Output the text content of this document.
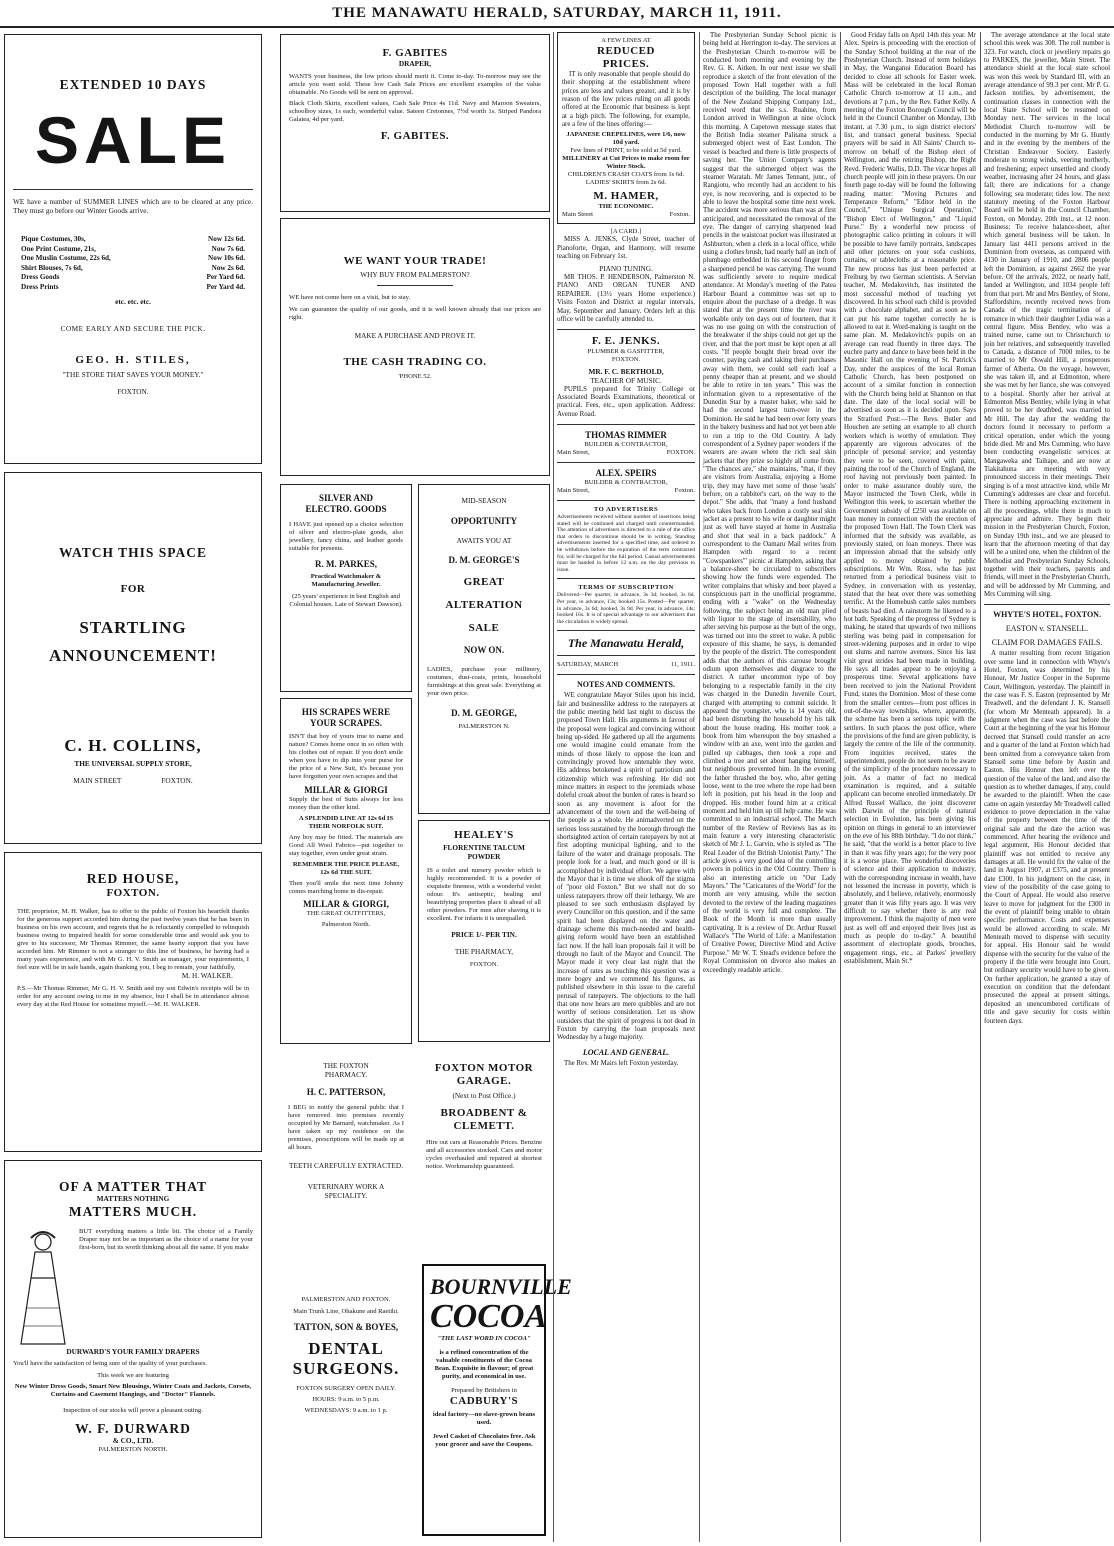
THE MANAWATU HERALD, SATURDAY, MARCH 11, 1911.
EXTENDED 10 DAYS
SALE
WE have a number of SUMMER LINES which are to be cleared at any price. They must go before our Winter Goods arrive.
Pique Costumes, 30s,	Now 12s 6d.
One Print Costume, 21s,	Now 7s 6d.
One Muslin Costume, 22s 6d,	Now 10s 6d.
Shirt Blouses, 7s 6d,	Now 2s 6d.
Dress Goods	Per Yard 6d.
Dress Prints	Per Yard 4d.
etc. etc. etc.
COME EARLY AND SECURE THE PICK.
GEO. H. STILES,
"THE STORE THAT SAVES YOUR MONEY."
FOXTON.
WATCH THIS SPACE
FOR
STARTLING
ANNOUNCEMENT!
C. H. COLLINS,
THE UNIVERSAL SUPPLY STORE,
MAIN STREET	FOXTON.
RED HOUSE,
FOXTON.
THE proprietor, M. H. Walker, has to offer to the public of Foxton his heartfelt thanks for the generous support accorded him during the past twelve years that he has been in business on his own account, and regrets that he is reluctantly compelled to relinquish business owing to impaired health for some considerable time and would ask you to give to his successor, Mr Thomas Rimmer, the same hearty support that you have accorded him. Mr Rimmer is not a stranger to this line of business, he having had a many years experience, and with Mr G. H. V. Smith as manager, your requirements, I feel sure will be in safe hands, again thanking you, I beg to remain, your faithfully,
M. H. WALKER.
P.S.—Mr Thomas Rimmer, Mr G. H. V. Smith and my son Edwin's receipts will be in order for any account owing to me in my absence, but I shall be in attendance almost every day at the Red House for sometime myself.—M. H. WALKER.
OF A MATTER THAT
MATTERS NOTHING
MATTERS MUCH.
BUT everything matters a little bit. The choice of a Family Draper may not be as important as the choice of a name for your first-born, but its worth thinking about all the same. If you make
DURWARD'S YOUR FAMILY DRAPERS
You'll have the satisfaction of being sure of the quality of your purchases.
This week we are featuring
New Winter Dress Goods, Smart New Blousings, Winter Coats and Jackets, Corsets, Curtains and Casement Hangings, and "Doctor" Flannels.
Inspection of our stocks will prove a pleasant outing.
W. F. DURWARD
& CO., LTD.
PALMERSTON NORTH.
F. GABITES
DRAPER,
WANTS your business, the low prices should merit it. Come to-day. To-morrow may see the article you want sold. These low Cash Sale Prices are excellent examples of the value obtainable. No Goods will be sent on approval.
Black Cloth Skirts, excellent values, Cash Sale Price 4s 11d. Navy and Maroon Sweaters, schoolboy sizes, 1s each, wonderful value. Sateen Cretonnes, 7½d worth 1s. Striped Pandora Galatea, 4d per yard.
F. GABITES.
WE WANT YOUR TRADE!
WHY BUY FROM PALMERSTON?
WE have not come here on a visit, but to stay.
We can guarantee the quality of our goods, and it is well known already that our prices are right.
MAKE A PURCHASE AND PROVE IT.
THE CASH TRADING CO.
'PHONE 52.
SILVER AND
ELECTRO. GOODS
I HAVE just opened up a choice selection of silver and electro-plate goods, also jewellery, fancy china, and leather goods suitable for presents.
R. M. PARKES,
Practical Watchmaker & Manufacturing Jeweller.
(25 years' experience in best English and Colonial houses. Late of Stewart Dawson).
MID-SEASON
OPPORTUNITY
AWAITS YOU AT
D. M. GEORGE'S
GREAT
ALTERATION
SALE
NOW ON.
LADIES, purchase your millinery, costumes, dust-coats, prints, household furnishings at this great sale. Everything at your own price.
D. M. GEORGE,
PALMERSTON N.
HIS SCRAPES WERE
YOUR SCRAPES.
ISN'T that boy of yours true to name and nature? Comes home once in so often with his clothes out of repair. If you don't smile when you have to dip into your purse for the price of a New Suit, it's because you have forgotten your own scrapes and that
MILLAR & GIORGI
Supply the best of Suits always for less money than the other kind.
A SPLENDID LINE AT 12s 6d IS THEIR NORFOLK SUIT.
Any boy may be fitted. The materials are Good All Wool Fabrics—put together to stay together, even under great strain.
REMEMBER THE PRICE PLEASE, 12s 6d THE SUIT.
Then you'll smile the next time Johnny comes marching home in dis-repair.
MILLAR & GIORGI,
THE GREAT OUTFITTERS,
Palmerston North.
HEALEY'S
FLORENTINE TALCUM POWDER
IS a toilet and nursery powder which is highly recommended. It is a powder of exquisite fineness, with a wonderful violet odour. It's antiseptic, healing and beautifying properties place it ahead of all other powders. For men after shaving it is excellent. For infants it is unequalled.
PRICE 1/- PER TIN.
THE PHARMACY,
FOXTON.
THE FOXTON
PHARMACY.
H. C. PATTERSON,
I BEG to notify the general public that I have removed into premises recently occupied by Mr Barnard, watchmaker. As I have taken up my residence on the premises, prescriptions will be made up at all hours.
TEETH CAREFULLY EXTRACTED.
VETERINARY WORK A SPECIALITY.
PALMERSTON AND FOXTON.
Main Trunk Line, Ohakune and Raetihi.
TATTON, SON & BOYES,
DENTAL
SURGEONS.
FOXTON SURGERY OPEN DAILY.
HOURS: 9 a.m. to 5 p.m.
WEDNESDAYS: 9 a.m. to 1 p.
FOXTON MOTOR
GARAGE.
(Next to Post Office.)
BROADBENT & CLEMETT.
Hire out cars at Reasonable Prices. Benzine and all accessories stocked. Cars and motor cycles overhauled and repaired at shortest notice. Workmanship guaranteed.
BOURNVILLE
COCOA
"THE LAST WORD IN COCOA"
is a refined concentration of the valuable constituents of the Cocoa Bean. Exquisite in flavour; of great purity, and economical in use.
Prepared by Britishers in
CADBURY'S
ideal factory—no slave-grown beans used.
Jewel Casket of Chocolates free. Ask your grocer and save the Coupons.
A FEW LINES AT
REDUCED
PRICES.

IT is only reasonable that people should do their shopping at the establishment where prices are less and values greater, and it is by reason of the low prices ruling on all goods offered at the Economic that business is kept at a high pitch. The following, for example, are a few of the lines offering:—

JAPANESE CREPELINES, were 1/6, now 10d yard.
Few lines of PRINT, to be sold at 5d yard.
MILLINERY at Cut Prices to make room for Winter Stock.
CHILDREN'S CRASH COATS from 1s 6d.
LADIES' SKIRTS from 2s 6d.
M. HAMER,
THE ECONOMIC.
Main Street	Foxton.
[A CARD.]

MISS A. JENKS, Clyde Street, teacher of Pianoforte, Organ, and Harmony, will resume teaching on February 1st.

PIANO TUNING.

MR THOS. P. HENDERSON, Palmerston N. PIANO AND ORGAN TUNER AND REPAIRER. (13½ years Home experience.) Visits Foxton and District at regular intervals, May, September and January. Orders left at this office will be carefully attended to.

F. E. JENKS.
PLUMBER & GASFITTER,
FOXTON.
MR. F. C. BERTHOLD,
TEACHER OF MUSIC.

PUPILS prepared for Trinity College or Associated Boards Examinations, theoretical or practical. Fees, etc., upon application. Address: Avenue Road.

THOMAS RIMMER
BUILDER & CONTRACTOR,
Main Street,	FOXTON.
ALEX. SPEIRS
BUILDER & CONTRACTOR,
Main Street,	Foxton.
TO ADVERTISERS
Advertisements received without number of insertions being stated will be continued and charged until countermanded. The attention of advertisers is directed to a rule of the office that orders to discontinue should be in writing. Standing advertisements inserted for a specified time, and ordered to be withdrawn before the expiration of the term contracted for, will be charged for the full period. Casual advertisements must be handed in before 12 a.m. on the day previous to issue.
TERMS OF SUBSCRIPTION
Delivered—Per quarter, in advance, 3s 3d; booked, 3s 6d. Per year, in advance, 13s; booked 15s. Posted—Per quarter, in advance, 3s 6d; booked, 3s 9d. Per year, in advance, 14s; booked 16s. It is of special advantage to our advertisers that the circulation is widely spread.
The Manawatu Herald,
SATURDAY, MARCH	11, 1911.
NOTES AND COMMENTS.

WE congratulate Mayor Stiles upon his incid, fair and businesslike address to the ratepayers at the public meeting held last night to discuss the proposed Town Hall. His arguments in favour of the proposal were logical and convincing without being up-sided. He gathered up all the arguments one would imagine could emanate from the minds of those likely to oppose the loan and convincingly proved how untenable they were. His address betokened a spirit of patriotism and citizenship which was refreshing. He did not mince matters in respect to the jeremiads whose doleful croak about the burden of rates is heard so soon as any movement is afoot for the advancement of the town and the well-being of the people as a whole. He animadverted on the serious loss sustained by the borough through the shortsighted action of certain ratepayers by not at first adopting municipal lighting, and to the failure of the water and drainage proposals. The people look for a lead, and much good or ill is accomplished by individual effort. We agree with the Mayor that it is time we shook off the stigma of "poor old Foxton." But we shall not do so unless ratepayers throw off their lethargy. We are pleased to see such enthusiasm displayed by every Councillor on this question, and if the same spirit had been displayed on the water and drainage scheme this much-needed and health-giving reform would have been an established fact now. If the hall loan proposals fail it will be through no fault of the Mayor and Council. The Mayor made it very clear last night that the increase of rates as touching this question was a mere bogey and we commend his figures, as published elsewhere in this issue to the careful perusal of ratepayers. The objections to the hall that one now hears are mere quibbles and are not worthy of serious consideration. Let us show outsiders that the spirit of progress is not dead in Foxton by carrying the loan proposals next Wednesday by a huge majority.

LOCAL AND GENERAL.

The Rev. Mr Mairs left Foxton yesterday.

The Presbyterian Sunday School picnic is being held at Herrington to-day. The services at the Presbyterian Church to-morrow will be conducted both morning and evening by the Rev. G. K. Aitken. In our next issue we shall reproduce a sketch of the front elevation of the proposed Town Hall together with a full description of the building. The local manager of the New Zealand Shipping Company Ltd., received word that the s.s. Ruahine, from London arrived in Wellington at nine o'clock this morning. A Capetown message states that the British India steamer Palitana struck a submerged object west of East London. The vessel is beached and there is little prospects of saving her. The Union Company's agents suggest that the submerged object was the steamer Waratah. Mr James Tennant, junr., of Rangiotu, who recently had an accident to his eye, is now recovering, and is expected to be able to leave the hospital some time next week. The accident was more serious than was at first anticipated, and necessitated the removal of the eye. The danger of carrying sharpened lead pencils in the waistcoat pocket was illustrated at Ashburton, when a clerk in a local office, while using a clothes brush, had nearly half an inch of plumbago embedded in his second finger from a sharpened pencil he was carrying. The wound was sufficiently severe to require medical attendance. At Monday's meeting of the Patea Harbour Board a committee was set up to enquire about the purchase of a dredge. It was stated that at the present time the river was workable only ten days out of fourteen, that it was no use going on with the construction of the breakwater if the ships could not get up the river, and that the port must be kept open at all costs. "If people bought their bread over the counter, paying cash and taking their purchases away with them, we could sell each loaf a penny cheaper than at present, and we should be able to retire in ten years." This was the information given to a representative of the Dunedin Star by a master baker, who said he had the second largest turn-over in the Dominion. He said he had been over forty years in the bakery business and had not yet been able to run a trip to the Old Country. A lady correspondent of a Sydney paper wonders if the wearers are aware where the rich seal skin jackets that they prize so highly all come from. "The chances are," she maintains, "that, if they are visitors from Australia, enjoying a Home trip, they may have met some of those 'seals' before, on a rabbiter's cart, on the way to the depot." She adds, that "many a fond husband who takes back from London a costly seal skin jacket as a present to his wife or daughter might just as well have stayed at home in Australia and shot that seal in a back paddock." A correspondent to the Oamaru Mail writes from Hampden with regard to a recent "Cowspankers'" picnic at Hampden, asking that a balance-sheet be circulated to subscribers showing how the funds were expended. The writer complains that whisky and beer played a conspicuous part in the unofficial programme, ending with a "wake" on the Wednesday following, the subject being an old man plied with liquor to the stage of insensibility, who after serving his purpose as the butt of the orgy, was turned out into the street to wake. A public exposure of this shame, he says, is demanded by the people of the district. The correspondent adds that the authors of this carouse brought odium upon themselves and disgrace to the district. A rather uncommon type of boy belonging to a respectable family in the city was charged in the Dunedin Juvenile Court, charged with attempting to commit suicide. It appeared the youngster, who is 14 years old, had been disturbing the household by his talk about the house reading. His mother took a book from him whereupon the boy smashed a window with an axe, went into the garden and pulled up cabbages, then took a rope and climbed a tree and set about hanging himself, but neighbours prevented him. In the evening the father thrashed the boy, who, after getting loose, went to the tree where the rope had been left in position, put his head in the loop and dropped. His mother found him at a critical moment and held him up till help came. He was committed to an industrial school. The March number of the Review of Reviews has as its main feature a very interesting characteristic sketch of Mr J. L. Garvin, who is styled as "The Real Leader of the British Unionist Party." The article gives a very good idea of the controlling powers in politics in the Old Country. There is also an interesting article on "Our Lady Mayors." The "Caricatures of the World" for the month are very amusing, while the section devoted to the review of the leading magazines of the world is very full and complete. The Book of the Month is more than usually captivating. It is a review of Dr. Arthur Russel Wallace's "The World of Life: a Manifestation of Creative Power, Directive Mind and Active Purpose." Mr W. T. Stead's evidence before the Royal Commission on divorce also makes an exceedingly readable article.

Good Friday falls on April 14th this year. Mr Alex. Speirs is proceeding with the erection of the Sunday School building at the rear of the Presbyterian Church. Instead of term holidays in May, the Wanganui Education Board has decided to close all schools for Easter week. Mass will be celebrated in the local Roman Catholic Church to-morrow at 11 a.m., and devotions at 7 p.m., by the Rev. Father Kelly. A meeting of the Foxton Borough Council will be held in the Council Chamber on Monday, 13th instant, at 7.30 p.m., to sign district electors' list, and transact general business. Special prayers will be said in All Saints' Church to-morrow on behalf of the Bishop elect of Wellington, and the retiring Bishop, the Right Revd. Frederic Wallis, D.D. The vicar hopes all church people will join in these prayers. On our fourth page to-day will be found the following reading matter: "Moving Pictures and Temperance Reform," "Editor held in the Council," "Unique Surgical Operation," "Bishop Elect of Wellington," and "Liquid Purse." By a wonderful new process of photographic calico printing in colours it will be possible to have family portraits, landscapes and other pictures on your sofa cushions, curtains, or tablecloths at a reasonable price. The new process has just been perfected at Freiburg by two German scientists. A Servian teacher, M. Medakovitch, has instituted the most successful method of teaching yet discovered. In his school each child is provided with a chocolate alphabet, and as soon as he can put his name together correctly he is allowed to eat it. Word-making is taught on the same plan. M. Medakovitch's pupils on an average can read fluently in three days. The euchre party and dance to have been held in the Masonic Hall on the evening of St. Patrick's Day, under the auspices of the local Roman Catholic Church, has been postponed on account of a similar function in connection with the Church being held at Shannon on that date. The date of the local social will be advertised as soon as it is decided upon. Says the Stratford Post:—The Revs. Butler and Houchen are setting an example to all church workers which is worthy of emulation. They apparently are vigorous advocates of the principle of personal service; and yesterday they were to be seen, covered with paint, painting the roof of the Church of England, the roof having not previously been painted. In order to make assurance doubly sure, the Mayor instructed the Town Clerk, while in Wellington this week, to ascertain whether the Government subsidy of £250 was available on loan money in connection with the erection of the proposed Town Hall. The Town Clerk was informed that the subsidy was available, as previously stated, on loan moneys. There was an impression abroad that the subsidy only applied to money obtained by public subscriptions. Mr Wm. Ross, who has just returned from a periodical business visit to Sydney, in conversation with us yesterday, stated that the heat over there was something terrific. At the Homebush cattle sales numbers of beasts had died. A rainstorm he likened to a hot bath. Speaking of the progress of Sydney is making, he stated that upwards of two millions sterling was being paid in compensation for street-widening purposes and in order to wipe out slums and narrow avenues. Since his last visit great strides had been made in building. He says all trades appear to be enjoying a prosperous time. Several applications have been received to join the National Provident Fund, states the Dominion. Most of these come from the smaller centres—from post offices in out-of-the-way townships, where, apparently, the scheme has been a serious topic with the settlers. In such places the post office, where the provisions of the fund are given publicity, is largely the centre of the life of the community. From inquiries received, states the superintendent, people do not seem to be aware of the simplicity of the procedure necessary to join. As a matter of fact no medical examination is required, and a suitable applicant can become enrolled immediately. Dr Alfred Russel Wallace, the joint discoverer with Darwin of the principle of natural selection in Evolution, has been giving his opinion on things in general to an interviewer on the eve of his 88th birthday. "I do not think," he said, "that the world is a better place to live in than it was fifty years ago; for the very poor it is a worse place. The wonderful discoveries of science and their application to industry, with the corresponding increase in wealth, have not lessened the increase in poverty, which is absolutely, and I believe, relatively, enormously greater than it was fifty years ago. It was very difficult to say whether there is any real improvement. I think the majority of men were just as well off and enjoyed their lives just as much as people do to-day." A beautiful assortment of electroplate goods, brooches, engagement rings, etc., at Parkes' jewellery establishment, Main St.*

The average attendance at the local state school this week was 308. The roll number is 323. For watch, clock or jewellery repairs go to PARKES, the jeweller, Main Street. The attendance shield at the local state school was won this week by Standard III, with an average attendance of 99.3 per cent. Mr P. G. Jackson notifies, by advertisement, the continuation classes in connection with the local State School will be resumed on Monday next. The services in the local Methodist Church to-morrow will be conducted in the morning by Mr G. Huntly and in the evening by the members of the Christian Endeavour Society. Easterly moderate to strong winds, veering northerly, and freshening; expect unsettled and cloudy weather, increasing after 24 hours, and glass fall; there are indications for a change following; sea moderate; tides low. The next statutory meeting of the Foxton Harbour Board will be held in the Council Chamber, Foxton, on Monday, 20th inst., at 12 noon. Business: To receive balance-sheet, after which general business will be taken. In January last 4411 persons arrived in the Dominion from overseas, as compared with 4130 in January of 1910, and 2806 people left the Dominion, as against 2662 the year before. Of the arrivals, 2022, or nearly half, landed at Wellington, and 1034 people left from that port. Mr and Mrs Bentley, of Stone, Staffordshire, recently received news from Canada of the tragic termination of a romance in which their daughter Lydia was a central figure. Miss Bentley, who was a trained nurse, came out to Christchurch to join her relatives, and subsequently travelled to Canada, a distance of 7000 miles, to be married to Mr Oswald Hill, a prosperous farmer of Alberta. On the voyage, however, she was taken ill, and at Edmonton, where she was met by her fiance, she was conveyed to a hospital. Shortly after her arrival at Edmonton Miss Bentley, while lying in what proved to be her deathbed, was married to Mr Hill. The day after the wedding the doctors found it necessary to perform a critical operation, under which the young bride died. Mr and Mrs Cumming, who have been conducting evangelistic services at Mangaweka and Taihape, and are now at Tiakitahuna are meeting with very pronounced success in their meetings. Their singing is of a most attractive kind, while Mr Cumming's addresses are clear and forceful. There is nothing approaching excitement in all the proceedings, while there is much to appreciate and admire. They begin their mission in the Presbyterian Church, Foxton, on Sunday 19th inst., and we are pleased to learn that the afternoon meeting of that day will be a united one, when the children of the Methodist and Presbyterian Sunday Schools, together with their teachers, parents and friends, will meet in the Presbyterian Church, and will be addressed by Mr Cumming, and Mrs Cumming will sing.

WHYTE'S HOTEL, FOXTON.
EASTON v. STANSELL.
CLAIM FOR DAMAGES FAILS.

A matter resulting from recent litigation over some land in connection with Whyte's Hotel, Foxton, was determined by his Honour, Mr Justice Cooper in the Supreme Court, Wellington, yesterday. The plaintiff in the case was F. S. Easton (represented by Mr Treadwell, and the defendant J. K. Stansell (for whom Mr Menteath appeared). In a judgment when the case was last before the Court at the beginning of the year his Honour decreed that Stansell could transfer an acre and a quarter of the land at Foxton which had been omitted from a conveyance taken from Stansell some time before by Austin and Easton. His Honour then left over the question of the value of the land, and also the question as to whether damages, if any, could be awarded to the plaintiff. When the case came on again yesterday Mr Treadwell called evidence to prove depreciation in the value of the property between the time of the original sale and the date the action was commenced. After hearing the evidence and legal argument, His Honour decided that plaintiff was not entitled to receive any damages at all. He would fix the value of the land in August 1907, at £375, and at present date £300. In his judgment on the case, in view of the possibility of the case going to the Court of Appeal. He would also reserve leave to move for judgment for the £300 in the event of plaintiff being unable to obtain specific performance. Costs and expenses would be allowed according to scale. Mr Menteath moved to dispense with security for appeal. His Honour said he would dispense with the security for the value of the property if the title were brought into Court, but ordinary security would have to be given. On further application, he granted a stay of execution on condition that the defendant prosecuted the appeal at present sittings, deposited an unencumbered certificate of title and gave security for costs within fourteen days.
